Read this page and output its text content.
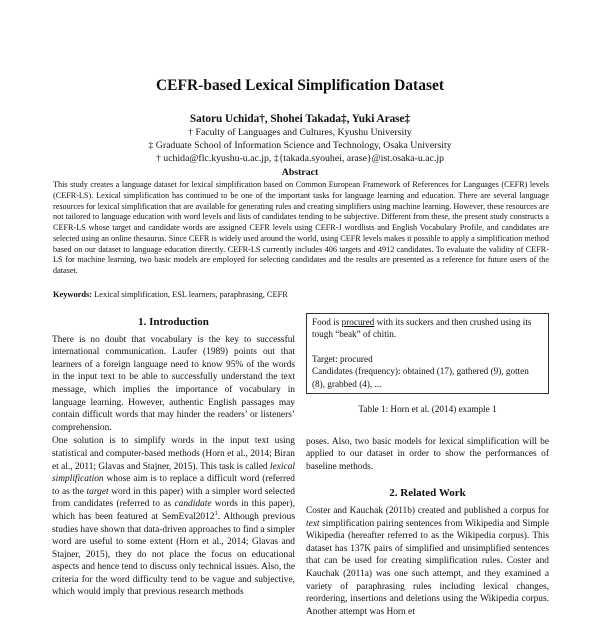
CEFR-based Lexical Simplification Dataset
Satoru Uchida†, Shohei Takada‡, Yuki Arase‡
† Faculty of Languages and Cultures, Kyushu University
‡ Graduate School of Information Science and Technology, Osaka University
† uchida@flc.kyushu-u.ac.jp, ‡{takada.syouhei, arase}@ist.osaka-u.ac.jp
Abstract
This study creates a language dataset for lexical simplification based on Common European Framework of References for Languages (CEFR) levels (CEFR-LS). Lexical simplification has continued to be one of the important tasks for language learning and education. There are several language resources for lexical simplification that are available for generating rules and creating simplifiers using machine learning. However, these resources are not tailored to language education with word levels and lists of candidates tending to be subjective. Different from these, the present study constructs a CEFR-LS whose target and candidate words are assigned CEFR levels using CEFR-J wordlists and English Vocabulary Profile, and candidates are selected using an online thesaurus. Since CEFR is widely used around the world, using CEFR levels makes it possible to apply a simplification method based on our dataset to language education directly. CEFR-LS currently includes 406 targets and 4912 candidates. To evaluate the validity of CEFR-LS for machine learning, two basic models are employed for selecting candidates and the results are presented as a reference for future users of the dataset.
Keywords: Lexical simplification, ESL learners, paraphrasing, CEFR
1. Introduction

There is no doubt that vocabulary is the key to successful international communication. Laufer (1989) points out that learners of a foreign language need to know 95% of the words in the input text to be able to successfully understand the text message, which implies the importance of vocabulary in language learning. However, authentic English passages may contain difficult words that may hinder the readers’ or listeners’ comprehension.

One solution is to simplify words in the input text using statistical and computer-based methods (Horn et al., 2014; Biran et al., 2011; Glavas and Stajner, 2015). This task is called lexical simplification whose aim is to replace a difficult word (referred to as the target word in this paper) with a simpler word selected from candidates (referred to as candidate words in this paper), which has been featured at SemEval2012$^1$. Although previous studies have shown that data-driven approaches to find a simpler word are useful to some extent (Horn et al., 2014; Glavas and Stajner, 2015), they do not place the focus on educational aspects and hence tend to discuss only technical issues. Also, the criteria for the word difficulty tend to be vague and subjective, which would imply that previous research methods

Food is procured with its suckers and then crushed using its tough “beak” of chitin.

Target: procured

Candidates (frequency): obtained (17), gathered (9), gotten (8), grabbed (4), ...

Table 1: Horn et al. (2014) example 1

poses. Also, two basic models for lexical simplification will be applied to our dataset in order to show the performances of baseline methods.

2. Related Work

Coster and Kauchak (2011b) created and published a corpus for text simplification pairing sentences from Wikipedia and Simple Wikipedia (hereafter referred to as the Wikipedia corpus). This dataset has 137K pairs of simplified and unsimplified sentences that can be used for creating simplification rules. Coster and Kauchak (2011a) was one such attempt, and they examined a variety of paraphrasing rules including lexical changes, reordering, insertions and deletions using the Wikipedia corpus. Another attempt was Horn et
